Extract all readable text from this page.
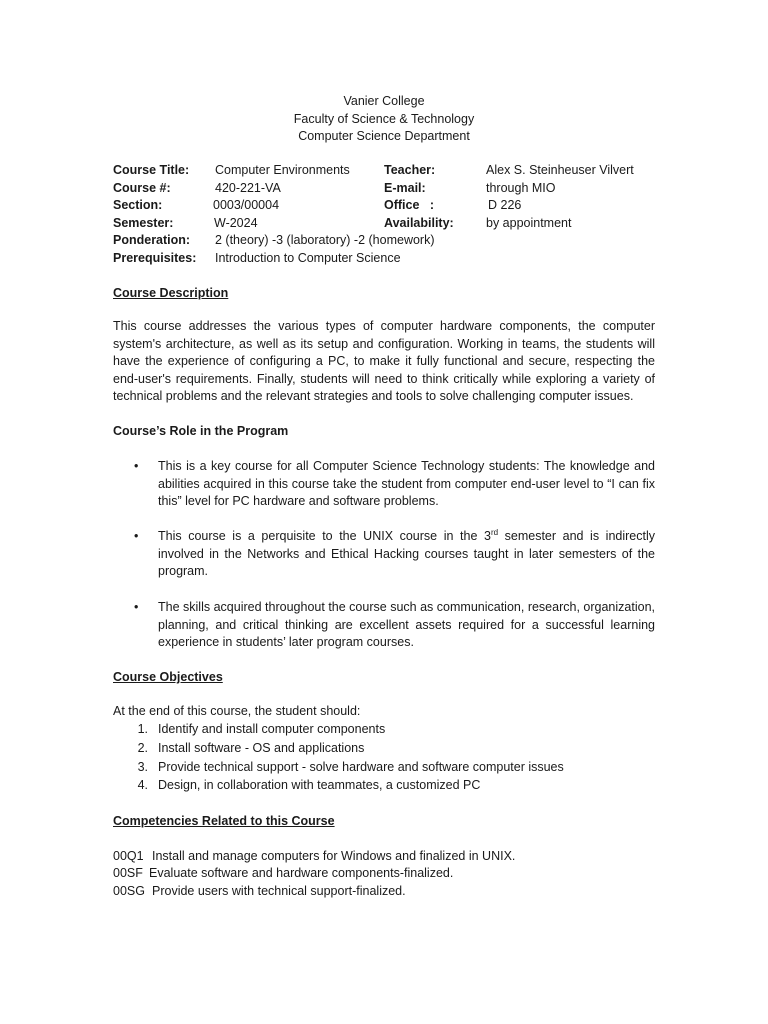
Vanier College
Faculty of Science & Technology
Computer Science Department
Course Title: Computer Environments
Course #:	420-221-VA
Section:	0003/00004
Semester:	W-2024
Ponderation: 2 (theory) -3 (laboratory) -2 (homework)
Prerequisites: Introduction to Computer Science
Teacher:	Alex S. Steinheuser Vilvert
E-mail:	through MIO
Office   :	D 226
Availability:	by appointment
Course Description
This course addresses the various types of computer hardware components, the computer system's architecture, as well as its setup and configuration. Working in teams, the students will have the experience of configuring a PC, to make it fully functional and secure, respecting the end-user's requirements. Finally, students will need to think critically while exploring a variety of technical problems and the relevant strategies and tools to solve challenging computer issues.
Course’s Role in the Program
• This is a key course for all Computer Science Technology students: The knowledge and abilities acquired in this course take the student from computer end-user level to “I can fix this” level for PC hardware and software problems.
• This course is a perquisite to the UNIX course in the 3rd semester and is indirectly involved in the Networks and Ethical Hacking courses taught in later semesters of the program.
• The skills acquired throughout the course such as communication, research, organization, planning, and critical thinking are excellent assets required for a successful learning experience in students’ later program courses.
Course Objectives
At the end of this course, the student should:
1. Identify and install computer components
2. Install software - OS and applications
3. Provide technical support - solve hardware and software computer issues
4. Design, in collaboration with teammates, a customized PC
Competencies Related to this Course
00Q1 Install and manage computers for Windows and finalized in UNIX.
00SF Evaluate software and hardware components-finalized.
00SG Provide users with technical support-finalized.
